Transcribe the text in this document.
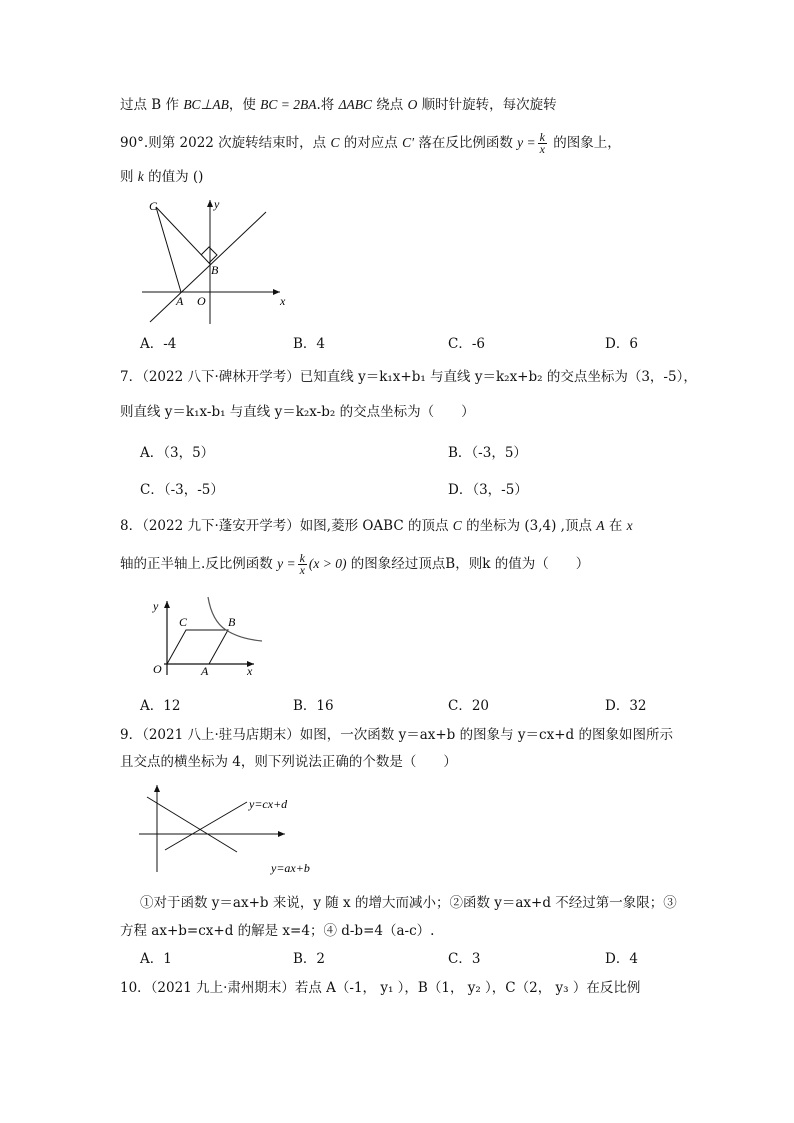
过点 B 作 BC⊥AB，使 BC = 2BA.将 ΔABC 绕点 O 顺时针旋转，每次旋转
90°.则第 2022 次旋转结束时，点 C 的对应点 C′ 落在反比例函数 $y = \frac{k}{x}$ 的图象上，
则 k 的值为 ()
C	y
B
A O	x
A．-4	B．4	C．-6	D．6
7．（2022 八下·碑林开学考）已知直线 y＝k₁x+b₁ 与直线 y＝k₂x+b₂ 的交点坐标为（3，-5），
则直线 y＝k₁x-b₁ 与直线 y＝k₂x-b₂ 的交点坐标为（　　）
A．（3，5）	B．（-3，5）
C．（-3，-5）	D．（3，-5）
8．（2022 九下·蓬安开学考）如图,菱形 OABC 的顶点 C 的坐标为 (3,4) ,顶点 A 在 x
轴的正半轴上.反比例函数 $y = \frac{k}{x} (x > 0)$ 的图象经过顶点B，则k 的值为（　　）
y
C	B
O	A	x
A．12	B．16	C．20	D．32
9．（2021 八上·驻马店期末）如图，一次函数 y＝ax+b 的图象与 y＝cx+d 的图象如图所示
且交点的横坐标为 4，则下列说法正确的个数是（　　）
y=cx+d
y=ax+b
①对于函数 y＝ax+b 来说，y 随 x 的增大而减小；②函数 y＝ax+d 不经过第一象限；③
方程 ax+b=cx+d 的解是 x=4；④ d-b=4（a-c）.
A．1	B．2	C．3	D．4
10．（2021 九上·肃州期末）若点 A（-1， y₁ ），B（1， y₂ ），C（2， y₃ ）在反比例
